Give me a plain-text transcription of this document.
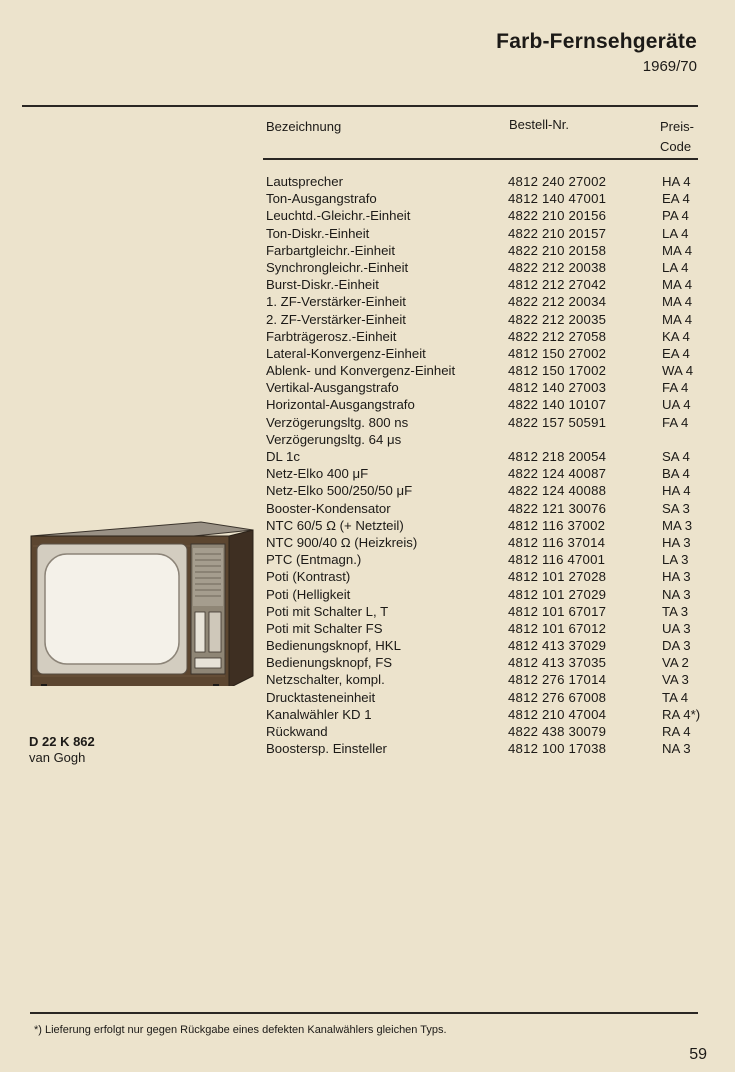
Farb-Fernsehgeräte
1969/70
Bezeichnung	Bestell-Nr.	Preis-
Code
Lautsprecher	4812 240 27002	HA 4
Ton-Ausgangstrafo	4812 140 47001	EA 4
Leuchtd.-Gleichr.-Einheit	4822 210 20156	PA 4
Ton-Diskr.-Einheit	4822 210 20157	LA 4
Farbartgleichr.-Einheit	4822 210 20158	MA 4
Synchrongleichr.-Einheit	4822 212 20038	LA 4
Burst-Diskr.-Einheit	4812 212 27042	MA 4
1. ZF-Verstärker-Einheit	4822 212 20034	MA 4
2. ZF-Verstärker-Einheit	4822 212 20035	MA 4
Farbträgerosz.-Einheit	4822 212 27058	KA 4
Lateral-Konvergenz-Einheit	4812 150 27002	EA 4
Ablenk- und Konvergenz-Einheit	4812 150 17002	WA 4
Vertikal-Ausgangstrafo	4812 140 27003	FA 4
Horizontal-Ausgangstrafo	4822 140 10107	UA 4
Verzögerungsltg. 800 ns	4822 157 50591	FA 4
Verzögerungsltg. 64 μs
DL 1c	4812 218 20054	SA 4
Netz-Elko 400 μF	4822 124 40087	BA 4
Netz-Elko 500/250/50 μF	4822 124 40088	HA 4
Booster-Kondensator	4822 121 30076	SA 3
NTC 60/5 Ω (+ Netzteil)	4812 116 37002	MA 3
NTC 900/40 Ω (Heizkreis)	4812 116 37014	HA 3
PTC (Entmagn.)	4812 116 47001	LA 3
Poti (Kontrast)	4812 101 27028	HA 3
Poti (Helligkeit	4812 101 27029	NA 3
Poti mit Schalter L, T	4812 101 67017	TA 3
Poti mit Schalter FS	4812 101 67012	UA 3
Bedienungsknopf, HKL	4812 413 37029	DA 3
Bedienungsknopf, FS	4812 413 37035	VA 2
Netzschalter, kompl.	4812 276 17014	VA 3
Drucktasteneinheit	4812 276 67008	TA 4
Kanalwähler KD 1	4812 210 47004	RA 4*)
Rückwand	4822 438 30079	RA 4
Boostersp. Einsteller	4812 100 17038	NA 3
D 22 K 862
van Gogh
*) Lieferung erfolgt nur gegen Rückgabe eines defekten Kanalwählers gleichen Typs.
59
